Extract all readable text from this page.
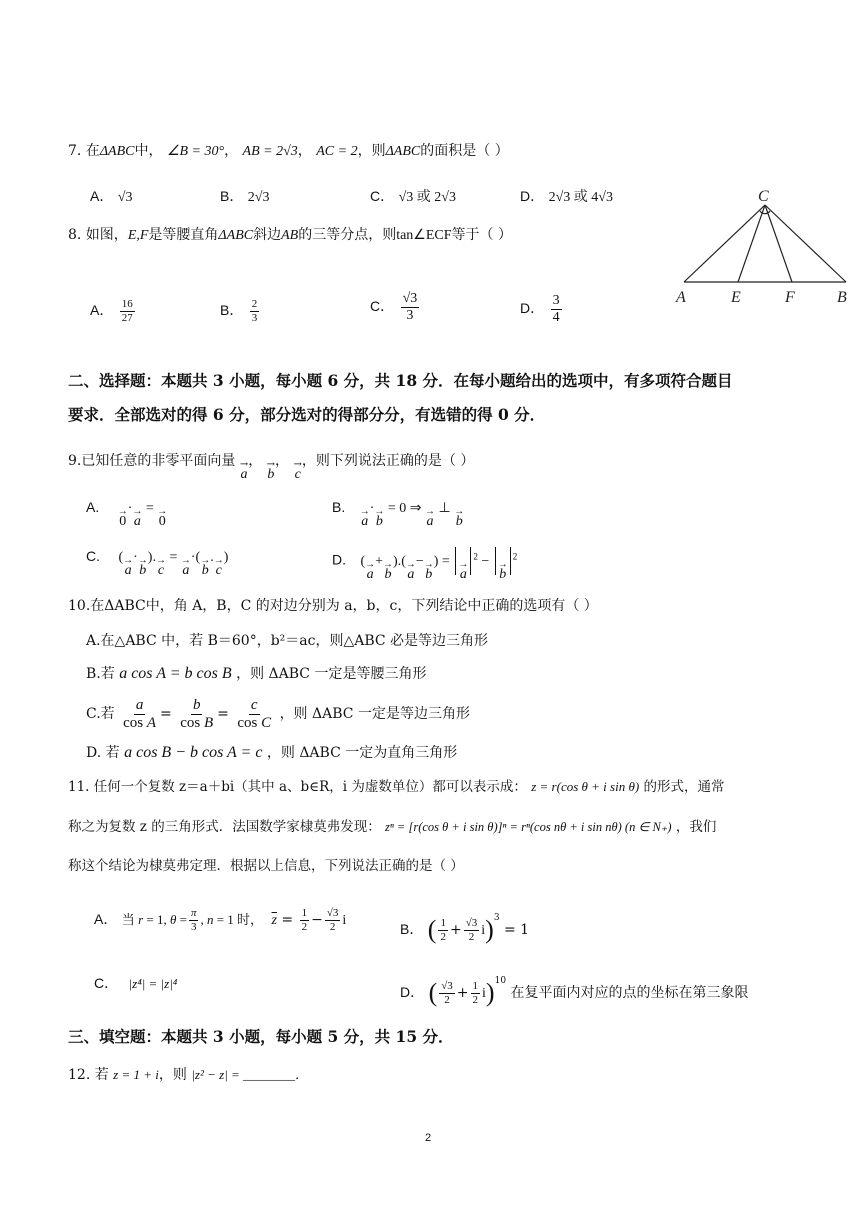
7. 在ΔABC中， ∠B = 30°， AB = 2√3， AC = 2，则ΔABC的面积是（ ）
A． √3	B． 2√3	C． √3 或 2√3	D． 2√3 或 4√3
8. 如图，E,F是等腰直角ΔABC斜边AB的三等分点，则tan∠ECF等于（ ）
A． $\frac{16}{27}$	B． $\frac{2}{3}$	C． $\frac{√3}{3}$	D． $\frac{3}{4}$
C
A	E	F	B
二、选择题：本题共 3 小题，每小题 6 分，共 18 分．在每小题给出的选项中，有多项符合题目
要求．全部选对的得 6 分，部分选对的得部分分，有选错的得 0 分．
9.已知任意的非零平面向量 →
a
， →
b
， →
c
，则下列说法正确的是（ ）
A. →
0
· →
a
= →
0
B. →
a
· →
b
= 0 ⇒ →
a
⊥ →
b
C. ( →
a
· →
b
). →
c
= →
a
·( →
b
. →
c
)	D. ( →
a
+ →
b
).( →
a
− →
b
) = →
a
$^2$ − →
b
$^2$
10.在ΔABC中，角 A，B，C 的对边分别为 a，b，c，下列结论中正确的选项有（ ）
A.在△ABC 中，若 B＝60°，b²＝ac，则△ABC 必是等边三角形
B.若 a cos A = b cos B ，则 ΔABC 一定是等腰三角形
C.若 $\frac{a}{\text{cos A}} = \frac{b}{\text{cos B}} = \frac{c}{\text{cos C}}$ ，则 ΔABC 一定是等边三角形
D. 若 a cos B − b cos A = c ，则 ΔABC 一定为直角三角形
11. 任何一个复数 z＝a＋bi（其中 a、b∈R，i 为虚数单位）都可以表示成： z = r(cos θ + i sin θ) 的形式，通常
称之为复数 z 的三角形式．法国数学家棣莫弗发现： zⁿ = [r(cos θ + i sin θ)]ⁿ = rⁿ(cos nθ + i sin nθ) (n ∈ N₊) ，我们
称这个结论为棣莫弗定理．根据以上信息，下列说法正确的是（ ）
A． 当 r = 1, $\theta = \frac{\pi}{3}$ , n = 1 时， $\overline{z} = \frac{1}{2} - \frac{√3}{2}$ i
B． ( $\frac{1}{2} + \frac{√3}{2} i)^3 = 1$
C． |z⁴| = |z|⁴
D． ( $\frac{√3}{2} + \frac{1}{2} i)^{10}$ 在复平面内对应的点的坐标在第三象限
三、填空题：本题共 3 小题，每小题 5 分，共 15 分．
12. 若 z = 1 + i，则 |z² − z| = ________．
2
